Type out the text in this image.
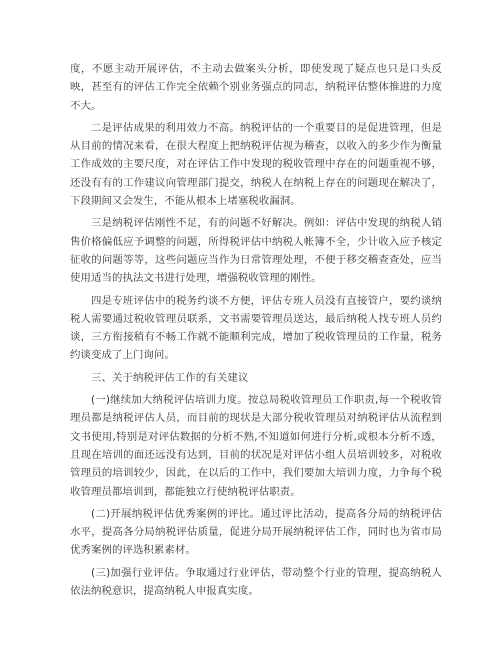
度，不愿主动开展评估，不主动去做案头分析，即使发现了疑点也只是口头反映，甚至有的评估工作完全依赖个别业务强点的同志，纳税评估整体推进的力度不大。

二是评估成果的利用效力不高。纳税评估的一个重要目的是促进管理，但是从目前的情况来看，在很大程度上把纳税评估视为稽查，以收入的多少作为衡量工作成效的主要尺度，对在评估工作中发现的税收管理中存在的问题重视不够，还没有有的工作建议向管理部门提交，纳税人在纳税上存在的问题现在解决了，下段期间又会发生，不能从根本上堵塞税收漏洞。

三是纳税评估刚性不足，有的问题不好解决。例如：评估中发现的纳税人销售价格偏低应予调整的问题，所得税评估中纳税人帐簿不全，少计收入应予核定征收的问题等等，这些问题应当作为日常管理处理，不便于移交稽查查处，应当使用适当的执法文书进行处理，增强税收管理的刚性。

四是专班评估中的税务约谈不方便，评估专班人员没有直接管户，要约谈纳税人需要通过税收管理员联系，文书需要管理员送达，最后纳税人找专班人员约谈，三方衔接稍有不畅工作就不能顺利完成，增加了税收管理员的工作量，税务约谈变成了上门询问。

三、关于纳税评估工作的有关建议

(一)继续加大纳税评估培训力度。按总局税收管理员工作职责,每一个税收管理员都是纳税评估人员，而目前的现状是大部分税收管理员对纳税评估从流程到文书使用,特别是对评估数据的分析不熟,不知道如何进行分析,或根本分析不透，且现在培训的面还远没有达到，目前的状况是对评估小组人员培训较多，对税收管理员的培训较少，因此，在以后的工作中，我们要加大培训力度，力争每个税收管理员都培训到，都能独立行使纳税评估职责。

(二)开展纳税评估优秀案例的评比。通过评比活动，提高各分局的纳税评估水平，提高各分局纳税评估质量，促进分局开展纳税评估工作，同时也为省市局优秀案例的评选积累素材。

(三)加强行业评估。争取通过行业评估，带动整个行业的管理，提高纳税人依法纳税意识，提高纳税人申报真实度。
